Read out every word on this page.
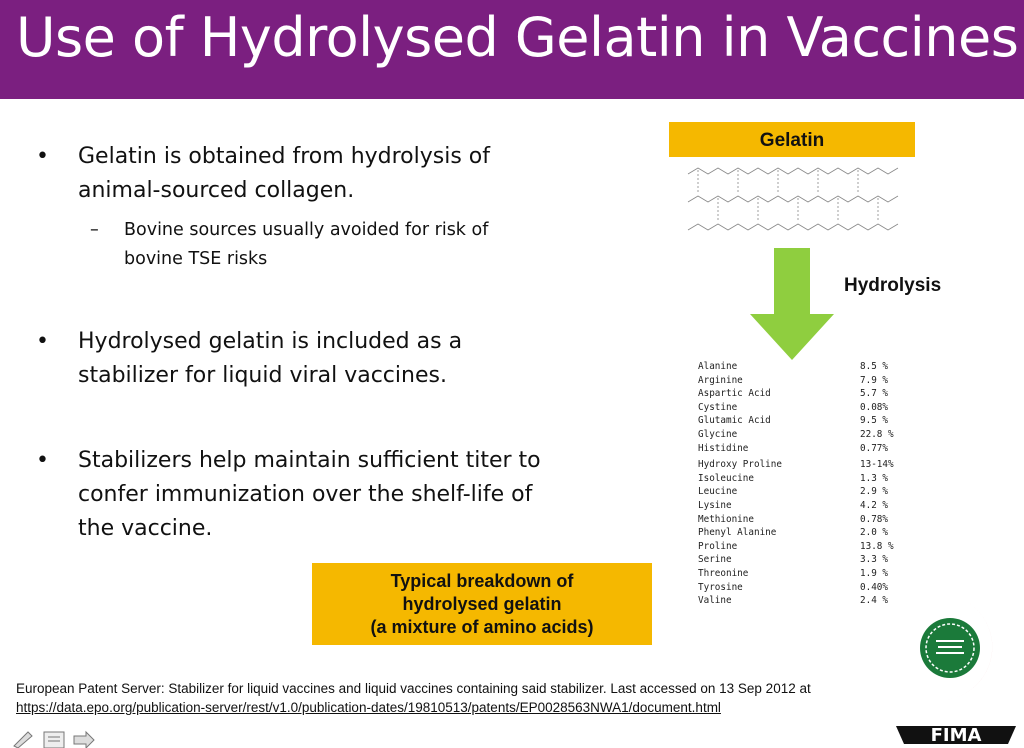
Use of Hydrolysed Gelatin in Vaccines
•	Gelatin is obtained from hydrolysis of animal-sourced collagen.
– Bovine sources usually avoided for risk of bovine TSE risks
•	Hydrolysed gelatin is included as a stabilizer for liquid viral vaccines.
•	Stabilizers help maintain sufficient titer to confer immunization over the shelf-life of the vaccine.
Gelatin
Hydrolysis
Alanine	8.5 %
Arginine	7.9 %
Aspartic Acid	5.7 %
Cystine	0.08%
Glutamic Acid	9.5 %
Glycine	22.8 %
Histidine	0.77%
Hydroxy Proline	13-14%
Isoleucine	1.3 %
Leucine	2.9 %
Lysine	4.2 %
Methionine	0.78%
Phenyl Alanine	2.0 %
Proline	13.8 %
Serine	3.3 %
Threonine	1.9 %
Tyrosine	0.40%
Valine	2.4 %
Typical breakdown of
hydrolysed gelatin
(a mixture of amino acids)
European Patent Server: Stabilizer for liquid vaccines and liquid vaccines containing said stabilizer. Last accessed on 13 Sep 2012 at https://data.epo.org/publication-server/rest/v1.0/publication-dates/19810513/patents/EP0028563NWA1/document.html
FIMA
